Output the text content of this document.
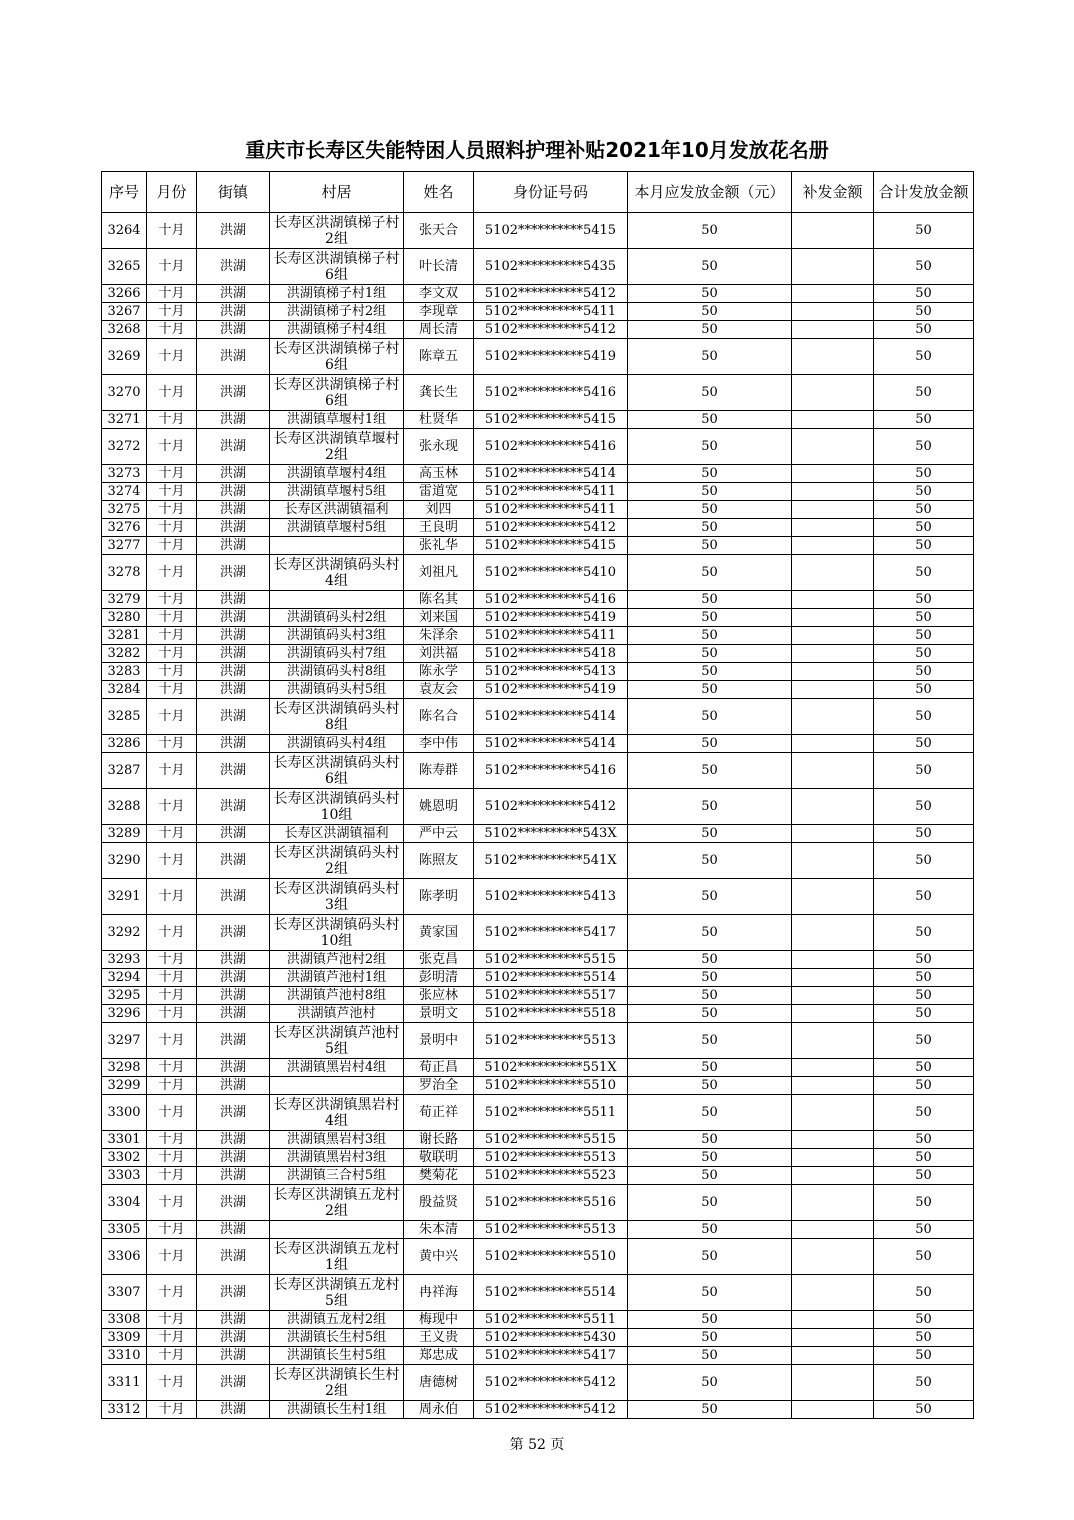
重庆市长寿区失能特困人员照料护理补贴2021年10月发放花名册
序号	月份	街镇	村居	姓名	身份证号码	本月应发放金额（元）	补发金额	合计发放金额
3264	十月	洪湖	长寿区洪湖镇梯子村2组	张天合	5102**********5415	50		50
3265	十月	洪湖	长寿区洪湖镇梯子村6组	叶长清	5102**********5435	50		50
3266	十月	洪湖	洪湖镇梯子村1组	李文双	5102**********5412	50		50
3267	十月	洪湖	洪湖镇梯子村2组	李现章	5102**********5411	50		50
3268	十月	洪湖	洪湖镇梯子村4组	周长清	5102**********5412	50		50
3269	十月	洪湖	长寿区洪湖镇梯子村6组	陈章五	5102**********5419	50		50
3270	十月	洪湖	长寿区洪湖镇梯子村6组	龚长生	5102**********5416	50		50
3271	十月	洪湖	洪湖镇草堰村1组	杜贤华	5102**********5415	50		50
3272	十月	洪湖	长寿区洪湖镇草堰村2组	张永现	5102**********5416	50		50
3273	十月	洪湖	洪湖镇草堰村4组	高玉林	5102**********5414	50		50
3274	十月	洪湖	洪湖镇草堰村5组	雷道宽	5102**********5411	50		50
3275	十月	洪湖	长寿区洪湖镇福利	刘四	5102**********5411	50		50
3276	十月	洪湖	洪湖镇草堰村5组	王良明	5102**********5412	50		50
3277	十月	洪湖		张礼华	5102**********5415	50		50
3278	十月	洪湖	长寿区洪湖镇码头村4组	刘祖凡	5102**********5410	50		50
3279	十月	洪湖		陈名其	5102**********5416	50		50
3280	十月	洪湖	洪湖镇码头村2组	刘来国	5102**********5419	50		50
3281	十月	洪湖	洪湖镇码头村3组	朱泽余	5102**********5411	50		50
3282	十月	洪湖	洪湖镇码头村7组	刘洪福	5102**********5418	50		50
3283	十月	洪湖	洪湖镇码头村8组	陈永学	5102**********5413	50		50
3284	十月	洪湖	洪湖镇码头村5组	袁友会	5102**********5419	50		50
3285	十月	洪湖	长寿区洪湖镇码头村8组	陈名合	5102**********5414	50		50
3286	十月	洪湖	洪湖镇码头村4组	李中伟	5102**********5414	50		50
3287	十月	洪湖	长寿区洪湖镇码头村6组	陈寿群	5102**********5416	50		50
3288	十月	洪湖	长寿区洪湖镇码头村10组	姚恩明	5102**********5412	50		50
3289	十月	洪湖	长寿区洪湖镇福利	严中云	5102**********543X	50		50
3290	十月	洪湖	长寿区洪湖镇码头村2组	陈照友	5102**********541X	50		50
3291	十月	洪湖	长寿区洪湖镇码头村3组	陈孝明	5102**********5413	50		50
3292	十月	洪湖	长寿区洪湖镇码头村10组	黄家国	5102**********5417	50		50
3293	十月	洪湖	洪湖镇芦池村2组	张克昌	5102**********5515	50		50
3294	十月	洪湖	洪湖镇芦池村1组	彭明清	5102**********5514	50		50
3295	十月	洪湖	洪湖镇芦池村8组	张应林	5102**********5517	50		50
3296	十月	洪湖	洪湖镇芦池村	景明文	5102**********5518	50		50
3297	十月	洪湖	长寿区洪湖镇芦池村5组	景明中	5102**********5513	50		50
3298	十月	洪湖	洪湖镇黑岩村4组	荀正昌	5102**********551X	50		50
3299	十月	洪湖		罗治全	5102**********5510	50		50
3300	十月	洪湖	长寿区洪湖镇黑岩村4组	荀正祥	5102**********5511	50		50
3301	十月	洪湖	洪湖镇黑岩村3组	谢长路	5102**********5515	50		50
3302	十月	洪湖	洪湖镇黑岩村3组	敬联明	5102**********5513	50		50
3303	十月	洪湖	洪湖镇三合村5组	樊菊花	5102**********5523	50		50
3304	十月	洪湖	长寿区洪湖镇五龙村2组	殷益贤	5102**********5516	50		50
3305	十月	洪湖		朱本清	5102**********5513	50		50
3306	十月	洪湖	长寿区洪湖镇五龙村1组	黄中兴	5102**********5510	50		50
3307	十月	洪湖	长寿区洪湖镇五龙村5组	冉祥海	5102**********5514	50		50
3308	十月	洪湖	洪湖镇五龙村2组	梅现中	5102**********5511	50		50
3309	十月	洪湖	洪湖镇长生村5组	王义贵	5102**********5430	50		50
3310	十月	洪湖	洪湖镇长生村5组	郑忠成	5102**********5417	50		50
3311	十月	洪湖	长寿区洪湖镇长生村2组	唐德树	5102**********5412	50		50
3312	十月	洪湖	洪湖镇长生村1组	周永伯	5102**********5412	50		50
第 52 页
